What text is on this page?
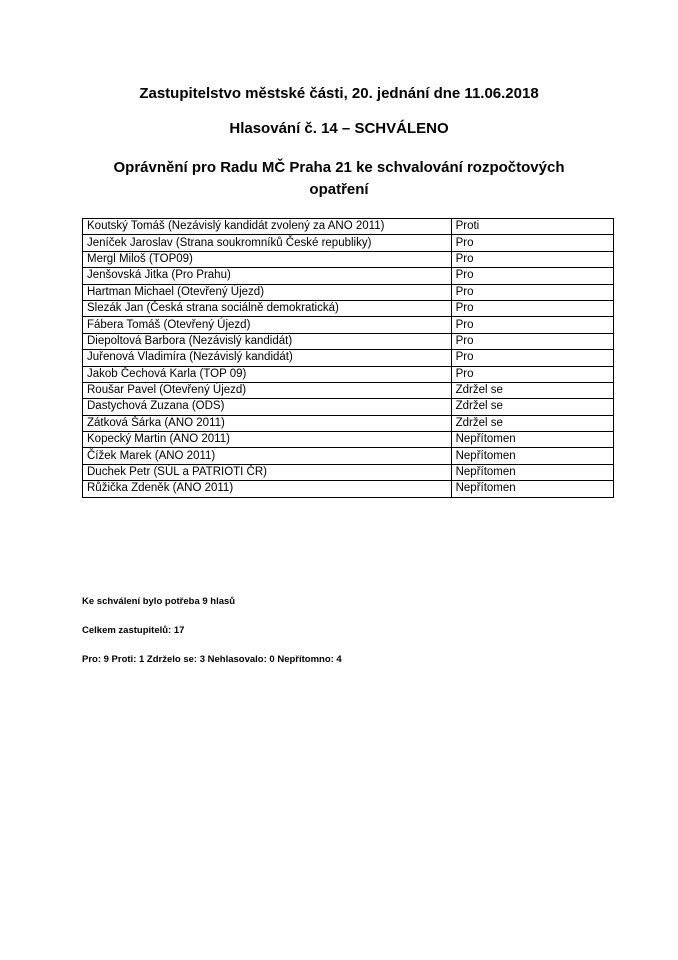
Zastupitelstvo městské části, 20. jednání dne 11.06.2018

Hlasování č. 14 – SCHVÁLENO

Oprávnění pro Radu MČ Praha 21 ke schvalování rozpočtových opatření

Koutský Tomáš (Nezávislý kandidát zvolený za ANO 2011)	Proti
Jeníček Jaroslav (Strana soukromníků České republiky)	Pro
Mergl Miloš (TOP09)	Pro
Jenšovská Jitka (Pro Prahu)	Pro
Hartman Michael (Otevřený Újezd)	Pro
Slezák Jan (Česká strana sociálně demokratická)	Pro
Fábera Tomáš (Otevřený Újezd)	Pro
Diepoltová Barbora (Nezávislý kandidát)	Pro
Juřenová Vladimíra (Nezávislý kandidát)	Pro
Jakob Čechová Karla (TOP 09)	Pro
Roušar Pavel (Otevřený Újezd)	Zdržel se
Dastychová Zuzana (ODS)	Zdržel se
Zátková Šárka (ANO 2011)	Zdržel se
Kopecký Martin (ANO 2011)	Nepřítomen
Čížek Marek (ANO 2011)	Nepřítomen
Duchek Petr (SÚL a PATRIOTI ČR)	Nepřítomen
Růžička Zdeněk (ANO 2011)	Nepřítomen

Ke schválení bylo potřeba 9 hlasů

Celkem zastupitelů: 17

Pro: 9 Proti: 1 Zdrželo se: 3 Nehlasovalo: 0 Nepřítomno: 4
